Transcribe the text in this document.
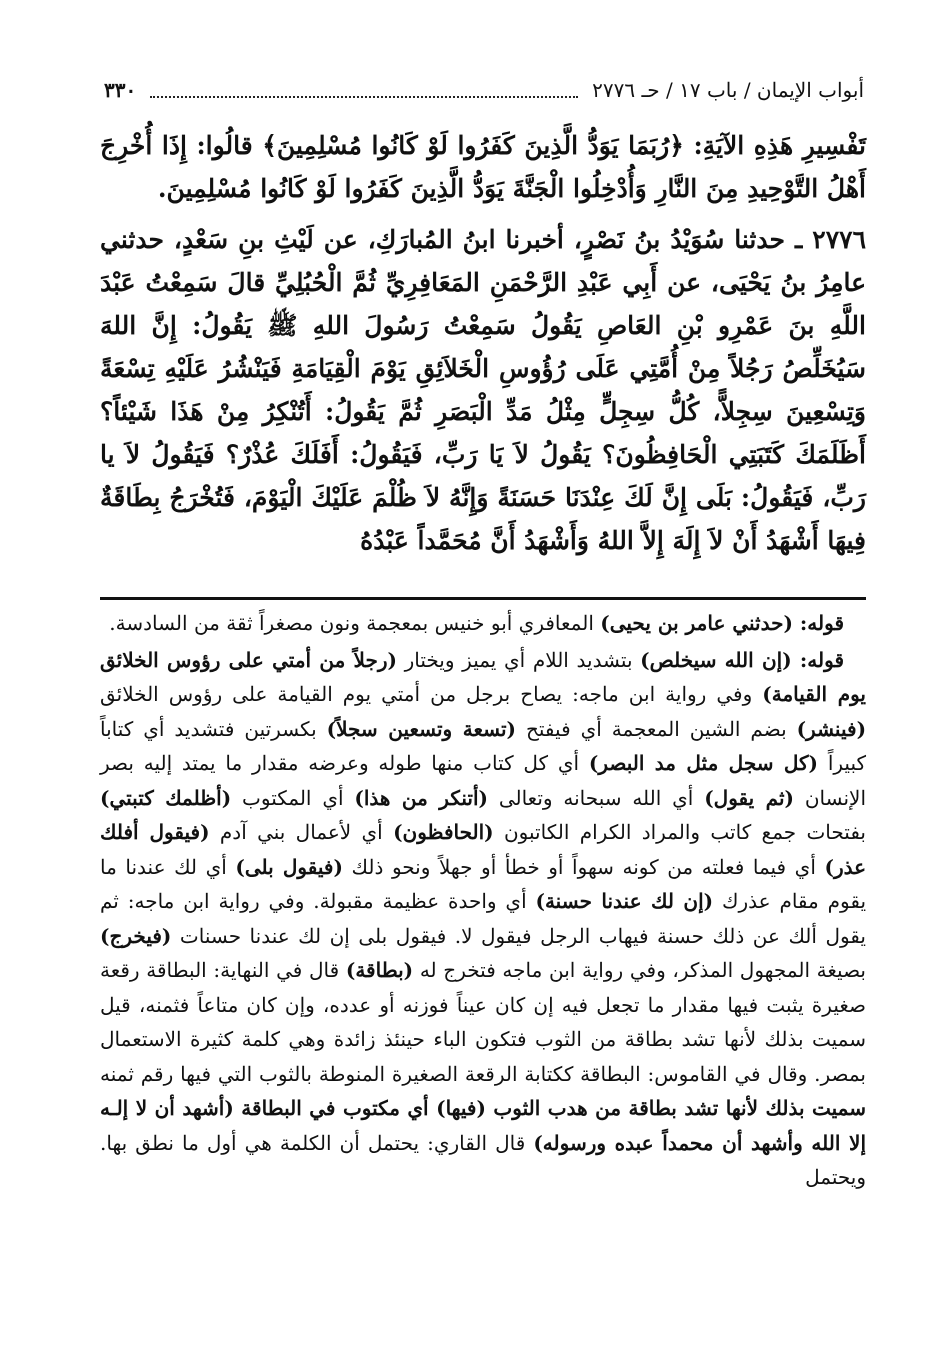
أبواب الإيمان / باب ١٧ / حـ ٢٧٧٦
٣٣٠

تَفْسِيرِ هَذِهِ الآيَةِ: ﴿رُبَمَا يَوَدُّ الَّذِينَ كَفَرُوا لَوْ كَانُوا مُسْلِمِينَ﴾ قالُوا: إِذَا أُخْرِجَ أَهْلُ التَّوْحِيدِ مِنَ النَّارِ وَأُدْخِلُوا الْجَنَّةَ يَوَدُّ الَّذِينَ كَفَرُوا لَوْ كَانُوا مُسْلِمِينَ.

٢٧٧٦ ـ حدثنا سُوَيْدُ بنُ نَصْرٍ، أخبرنا ابنُ المُبارَكِ، عن لَيْثِ بنِ سَعْدٍ، حدثني عامِرُ بنُ يَحْيَى، عن أَبِي عَبْدِ الرَّحْمَنِ المَعَافِرِيِّ ثُمَّ الْحُبُلِيِّ قالَ سَمِعْتُ عَبْدَ اللَّهِ بنَ عَمْرِو بْنِ العَاصِ يَقُولُ سَمِعْتُ رَسُولَ اللهِ ﷺ يَقُولُ: إِنَّ اللهَ سَيُخَلِّصُ رَجُلاً مِنْ أُمَّتِي عَلَى رُؤُوسِ الْخَلاَئِقِ يَوْمَ الْقِيَامَةِ فَيَنْشُرُ عَلَيْهِ تِسْعَةً وَتِسْعِينَ سِجِلاًّ، كُلُّ سِجِلٍّ مِثْلُ مَدِّ الْبَصَرِ ثُمَّ يَقُولُ: أَتُنْكِرُ مِنْ هَذَا شَيْئاً؟ أَظَلَمَكَ كَتَبَتِي الْحَافِظُونَ؟ يَقُولُ لاَ يَا رَبِّ، فَيَقُولُ: أَفَلَكَ عُذْرٌ؟ فَيَقُولُ لاَ يا رَبِّ، فَيَقُولُ: بَلَى إِنَّ لَكَ عِنْدَنَا حَسَنَةً وَإِنَّهُ لاَ ظُلْمَ عَلَيْكَ الْيَوْمَ، فَتُخْرَجُ بِطَاقَةٌ فِيهَا أَشْهَدُ أَنْ لاَ إِلَهَ إِلاَّ اللهُ وَأَشْهَدُ أَنَّ مُحَمَّداً عَبْدُهُ

قوله: (حدثني عامر بن يحيى) المعافري أبو خنيس بمعجمة ونون مصغراً ثقة من السادسة.

قوله: (إن الله سيخلص) بتشديد اللام أي يميز ويختار (رجلاً من أمتي على رؤوس الخلائق يوم القيامة) وفي رواية ابن ماجه: يصاح برجل من أمتي يوم القيامة على رؤوس الخلائق (فينشر) بضم الشين المعجمة أي فيفتح (تسعة وتسعين سجلاً) بكسرتين فتشديد أي كتاباً كبيراً (كل سجل مثل مد البصر) أي كل كتاب منها طوله وعرضه مقدار ما يمتد إليه بصر الإنسان (ثم يقول) أي الله سبحانه وتعالى (أتنكر من هذا) أي المكتوب (أظلمك كتبتي) بفتحات جمع كاتب والمراد الكرام الكاتبون (الحافظون) أي لأعمال بني آدم (فيقول أفلك عذر) أي فيما فعلته من كونه سهواً أو خطأ أو جهلاً ونحو ذلك (فيقول بلى) أي لك عندنا ما يقوم مقام عذرك (إن لك عندنا حسنة) أي واحدة عظيمة مقبولة. وفي رواية ابن ماجه: ثم يقول ألك عن ذلك حسنة فيهاب الرجل فيقول لا. فيقول بلى إن لك عندنا حسنات (فيخرج) بصيغة المجهول المذكر، وفي رواية ابن ماجه فتخرج له (بطاقة) قال في النهاية: البطاقة رقعة صغيرة يثبت فيها مقدار ما تجعل فيه إن كان عيناً فوزنه أو عدده، وإن كان متاعاً فثمنه، قيل سميت بذلك لأنها تشد بطاقة من الثوب فتكون الباء حينئذ زائدة وهي كلمة كثيرة الاستعمال بمصر. وقال في القاموس: البطاقة ككتابة الرقعة الصغيرة المنوطة بالثوب التي فيها رقم ثمنه سميت بذلك لأنها تشد بطاقة من هدب الثوب (فيها) أي مكتوب في البطاقة (أشهد أن لا إلـه إلا الله وأشهد أن محمداً عبده ورسوله) قال القاري: يحتمل أن الكلمة هي أول ما نطق بها. ويحتمل
